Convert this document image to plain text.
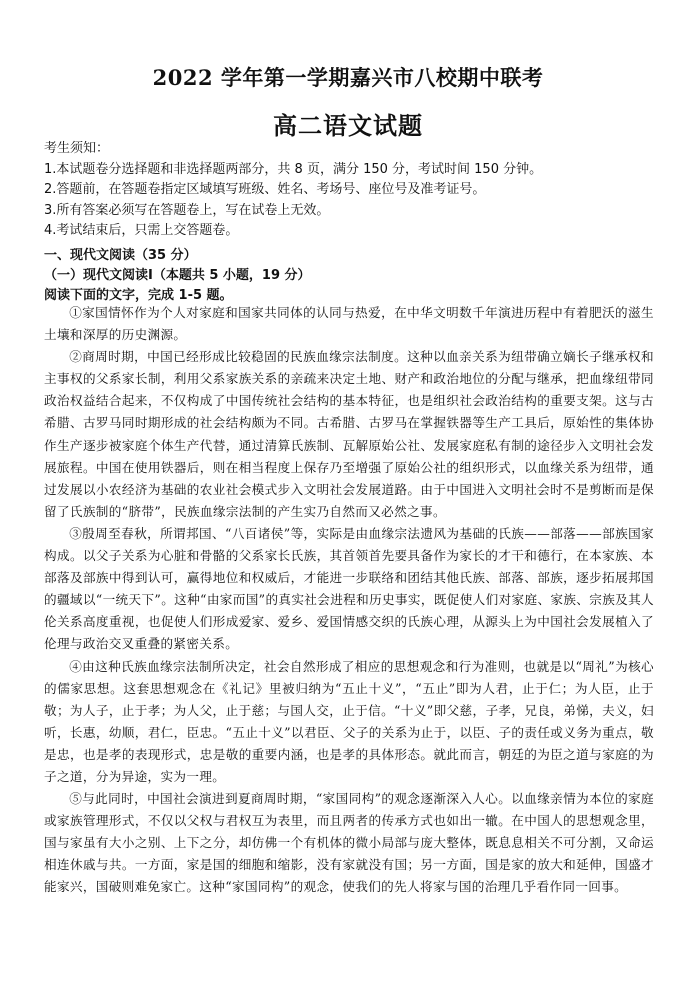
2022 学年第一学期嘉兴市八校期中联考
高二语文试题
考生须知：
1.本试题卷分选择题和非选择题两部分，共 8 页，满分 150 分，考试时间 150 分钟。
2.答题前，在答题卷指定区域填写班级、姓名、考场号、座位号及准考证号。
3.所有答案必须写在答题卷上，写在试卷上无效。
4.考试结束后，只需上交答题卷。
一、现代文阅读（35 分）
（一）现代文阅读Ⅰ（本题共 5 小题，19 分）
阅读下面的文字，完成 1-5 题。

①家国情怀作为个人对家庭和国家共同体的认同与热爱，在中华文明数千年演进历程中有着肥沃的滋生土壤和深厚的历史渊源。

②商周时期，中国已经形成比较稳固的民族血缘宗法制度。这种以血亲关系为纽带确立嫡长子继承权和主事权的父系家长制，利用父系家族关系的亲疏来决定土地、财产和政治地位的分配与继承，把血缘纽带同政治权益结合起来，不仅构成了中国传统社会结构的基本特征，也是组织社会政治结构的重要支架。这与古希腊、古罗马同时期形成的社会结构颇为不同。古希腊、古罗马在掌握铁器等生产工具后，原始性的集体协作生产逐步被家庭个体生产代替，通过清算氏族制、瓦解原始公社、发展家庭私有制的途径步入文明社会发展旅程。中国在使用铁器后，则在相当程度上保存乃至增强了原始公社的组织形式，以血缘关系为纽带，通过发展以小农经济为基础的农业社会模式步入文明社会发展道路。由于中国进入文明社会时不是剪断而是保留了氏族制的“脐带”，民族血缘宗法制的产生实乃自然而又必然之事。

③殷周至春秋，所谓邦国、“八百诸侯”等，实际是由血缘宗法遗风为基础的氏族——部落——部族国家构成。以父子关系为心脏和骨骼的父系家长氏族，其首领首先要具备作为家长的才干和德行，在本家族、本部落及部族中得到认可，赢得地位和权威后，才能进一步联络和团结其他氏族、部落、部族，逐步拓展邦国的疆域以“一统天下”。这种“由家而国”的真实社会进程和历史事实，既促使人们对家庭、家族、宗族及其人伦关系高度重视，也促使人们形成爱家、爱乡、爱国情感交织的氏族心理，从源头上为中国社会发展植入了伦理与政治交叉重叠的紧密关系。

④由这种氏族血缘宗法制所决定，社会自然形成了相应的思想观念和行为准则，也就是以“周礼”为核心的儒家思想。这套思想观念在《礼记》里被归纳为“五止十义”，“五止”即为人君，止于仁；为人臣，止于敬；为人子，止于孝；为人父，止于慈；与国人交，止于信。“十义”即父慈，子孝，兄良，弟悌，夫义，妇听，长惠，幼顺，君仁，臣忠。“五止十义”以君臣、父子的关系为止于，以臣、子的责任或义务为重点，敬是忠，也是孝的表现形式，忠是敬的重要内涵，也是孝的具体形态。就此而言，朝廷的为臣之道与家庭的为子之道，分为异途，实为一理。

⑤与此同时，中国社会演进到夏商周时期，“家国同构”的观念逐渐深入人心。以血缘亲情为本位的家庭或家族管理形式，不仅以父权与君权互为表里，而且两者的传承方式也如出一辙。在中国人的思想观念里，国与家虽有大小之别、上下之分，却仿佛一个有机体的微小局部与庞大整体，既息息相关不可分割，又命运相连休戚与共。一方面，家是国的细胞和缩影，没有家就没有国；另一方面，国是家的放大和延伸，国盛才能家兴，国破则难免家亡。这种“家国同构”的观念，使我们的先人将家与国的治理几乎看作同一回事。
